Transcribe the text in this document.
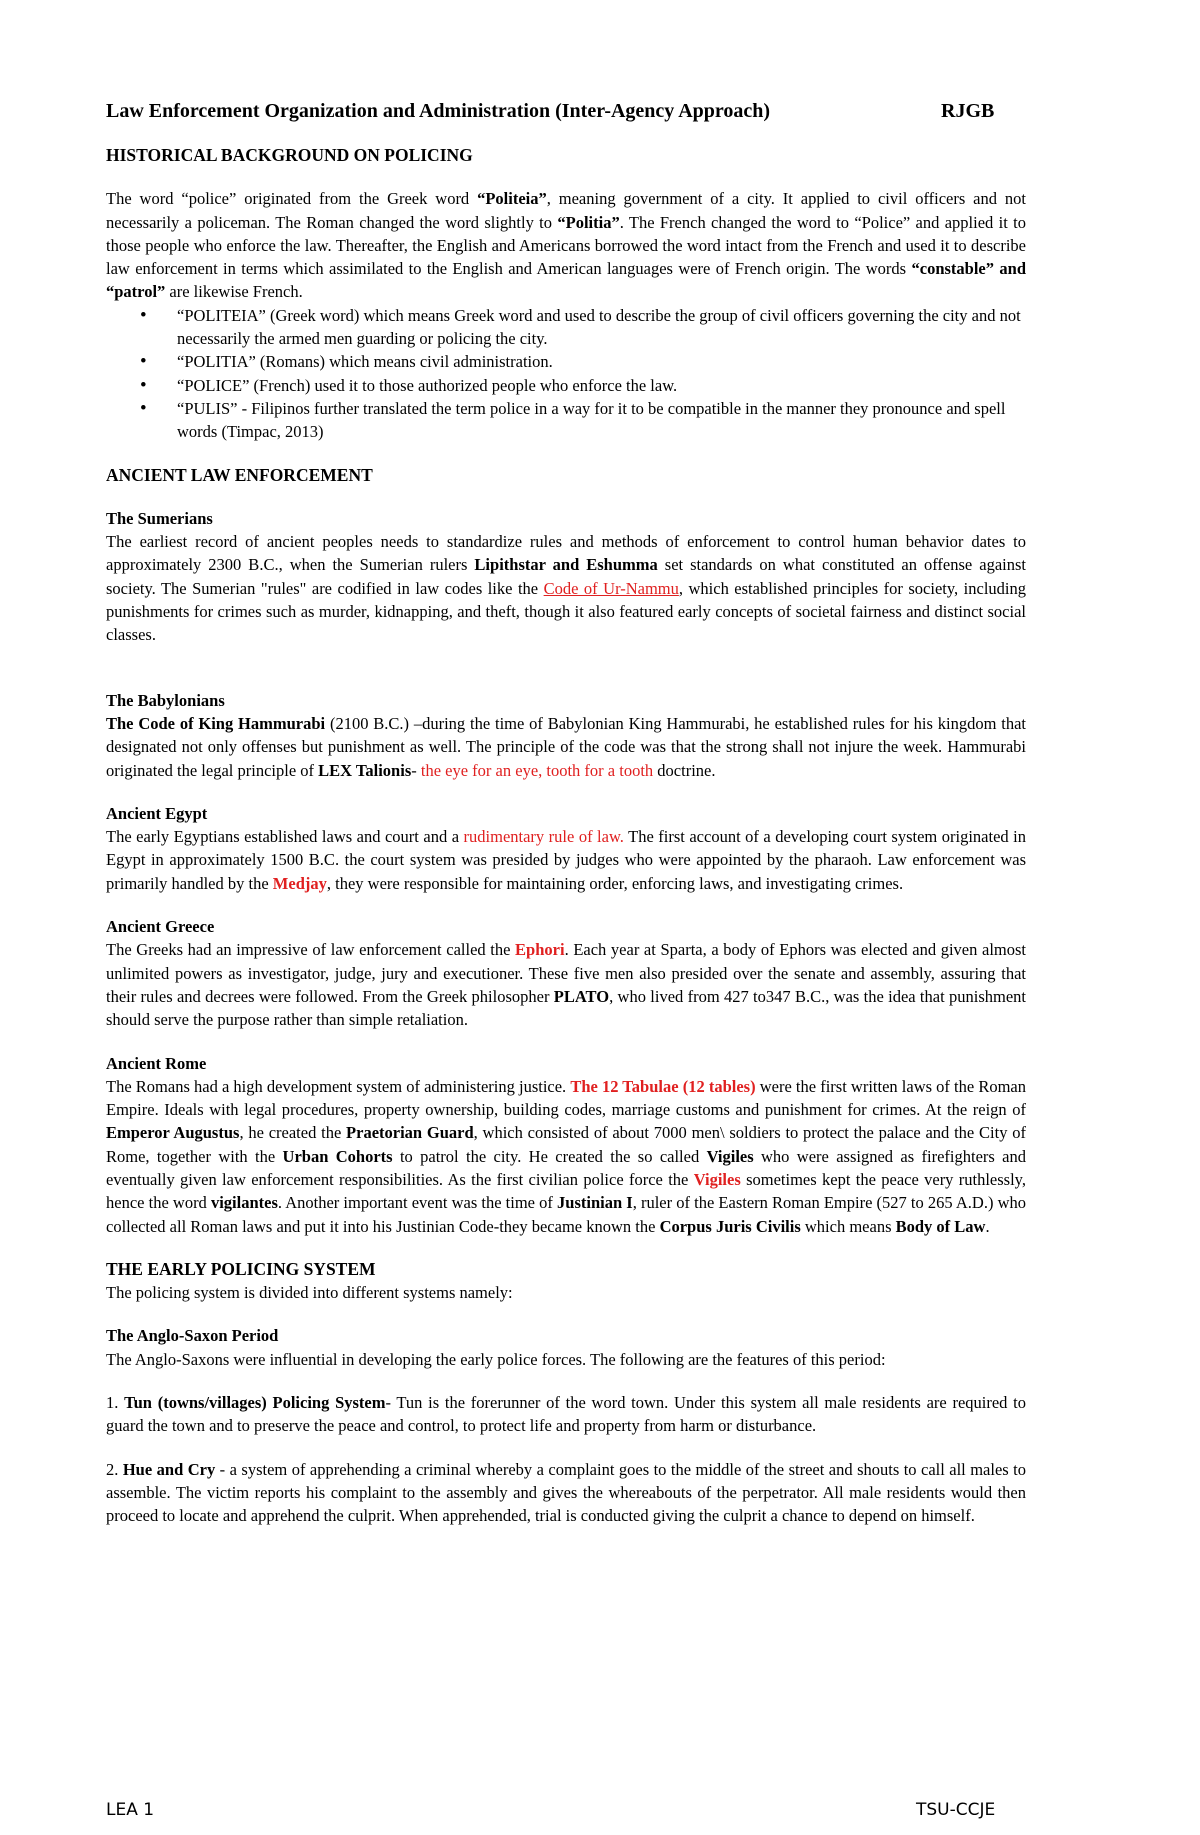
Law Enforcement Organization and Administration (Inter-Agency Approach)	RJGB

HISTORICAL BACKGROUND ON POLICING

The word “police” originated from the Greek word “Politeia”, meaning government of a city. It applied to civil officers and not necessarily a policeman. The Roman changed the word slightly to “Politia”. The French changed the word to “Police” and applied it to those people who enforce the law. Thereafter, the English and Americans borrowed the word intact from the French and used it to describe law enforcement in terms which assimilated to the English and American languages were of French origin. The words “constable” and “patrol” are likewise French.

• “POLITEIA” (Greek word) which means Greek word and used to describe the group of civil officers governing the city and not necessarily the armed men guarding or policing the city.
• “POLITIA” (Romans) which means civil administration.
• “POLICE” (French) used it to those authorized people who enforce the law.
• “PULIS” - Filipinos further translated the term police in a way for it to be compatible in the manner they pronounce and spell words (Timpac, 2013)

ANCIENT LAW ENFORCEMENT

The Sumerians

The earliest record of ancient peoples needs to standardize rules and methods of enforcement to control human behavior dates to approximately 2300 B.C., when the Sumerian rulers Lipithstar and Eshumma set standards on what constituted an offense against society. The Sumerian "rules" are codified in law codes like the Code of Ur-Nammu, which established principles for society, including punishments for crimes such as murder, kidnapping, and theft, though it also featured early concepts of societal fairness and distinct social classes.

The Babylonians

The Code of King Hammurabi (2100 B.C.) –during the time of Babylonian King Hammurabi, he established rules for his kingdom that designated not only offenses but punishment as well. The principle of the code was that the strong shall not injure the week. Hammurabi originated the legal principle of LEX Talionis- the eye for an eye, tooth for a tooth doctrine.

Ancient Egypt

The early Egyptians established laws and court and a rudimentary rule of law. The first account of a developing court system originated in Egypt in approximately 1500 B.C. the court system was presided by judges who were appointed by the pharaoh. Law enforcement was primarily handled by the Medjay, they were responsible for maintaining order, enforcing laws, and investigating crimes.

Ancient Greece

The Greeks had an impressive of law enforcement called the Ephori. Each year at Sparta, a body of Ephors was elected and given almost unlimited powers as investigator, judge, jury and executioner. These five men also presided over the senate and assembly, assuring that their rules and decrees were followed. From the Greek philosopher PLATO, who lived from 427 to347 B.C., was the idea that punishment should serve the purpose rather than simple retaliation.

Ancient Rome

The Romans had a high development system of administering justice. The 12 Tabulae (12 tables) were the first written laws of the Roman Empire. Ideals with legal procedures, property ownership, building codes, marriage customs and punishment for crimes. At the reign of Emperor Augustus, he created the Praetorian Guard, which consisted of about 7000 men\ soldiers to protect the palace and the City of Rome, together with the Urban Cohorts to patrol the city. He created the so called Vigiles who were assigned as firefighters and eventually given law enforcement responsibilities. As the first civilian police force the Vigiles sometimes kept the peace very ruthlessly, hence the word vigilantes. Another important event was the time of Justinian I, ruler of the Eastern Roman Empire (527 to 265 A.D.) who collected all Roman laws and put it into his Justinian Code-they became known the Corpus Juris Civilis which means Body of Law.

THE EARLY POLICING SYSTEM

The policing system is divided into different systems namely:

The Anglo-Saxon Period

The Anglo-Saxons were influential in developing the early police forces. The following are the features of this period:

1. Tun (towns/villages) Policing System- Tun is the forerunner of the word town. Under this system all male residents are required to guard the town and to preserve the peace and control, to protect life and property from harm or disturbance.

2. Hue and Cry - a system of apprehending a criminal whereby a complaint goes to the middle of the street and shouts to call all males to assemble. The victim reports his complaint to the assembly and gives the whereabouts of the perpetrator. All male residents would then proceed to locate and apprehend the culprit. When apprehended, trial is conducted giving the culprit a chance to depend on himself.

LEA 1	TSU-CCJE
